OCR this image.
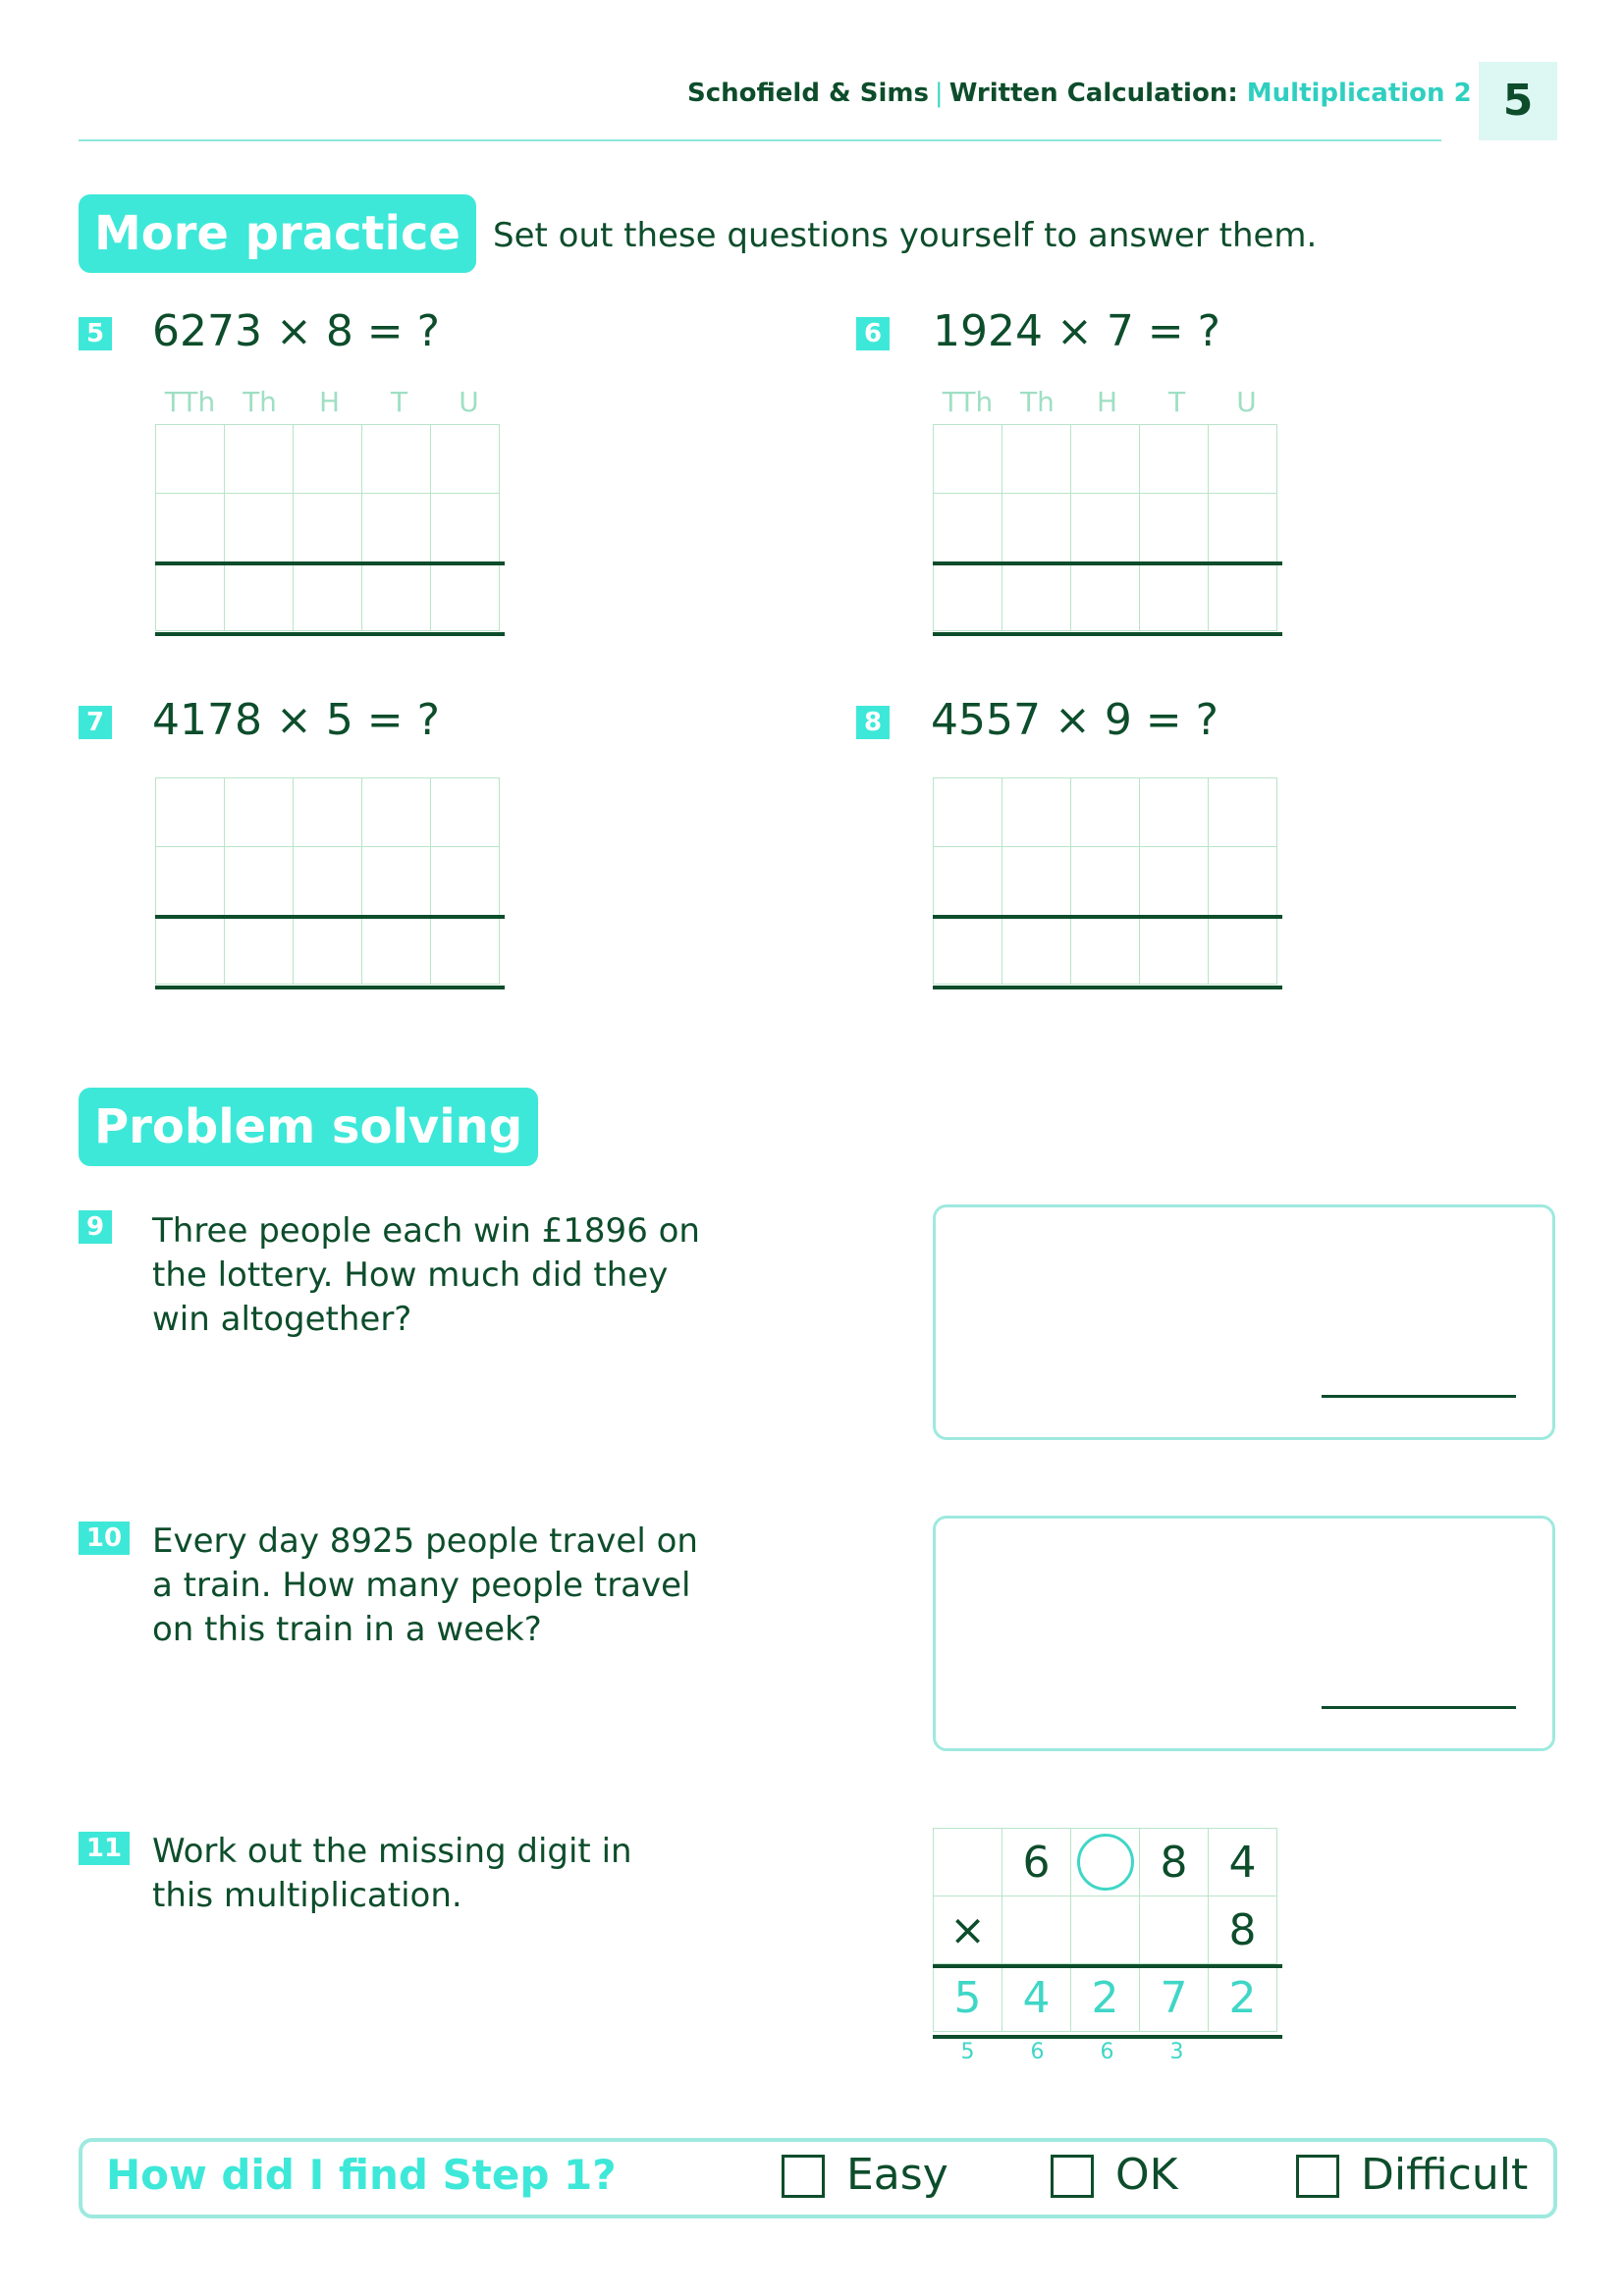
Schofield & Sims | Written Calculation: Multiplication 2 5
More practice Set out these questions yourself to answer them.
5 6273 × 8 = ?
TTh Th	H	T	U

6 1924 × 7 = ?
TTh Th	H	T	U

7 4178 × 5 = ?

					8 4557 × 9 = ?

Problem solving
9 Three people each win £1896 on the lottery. How much did they win altogether?
10 Every day 8925 people travel on a train. How many people travel on this train in a week?
11 Work out the missing digit in this multiplication.
	6		8	4
×				8
5	4	2	7	2
5	6	6	3
How did I find Step 1?	Easy	OK	Difficult
